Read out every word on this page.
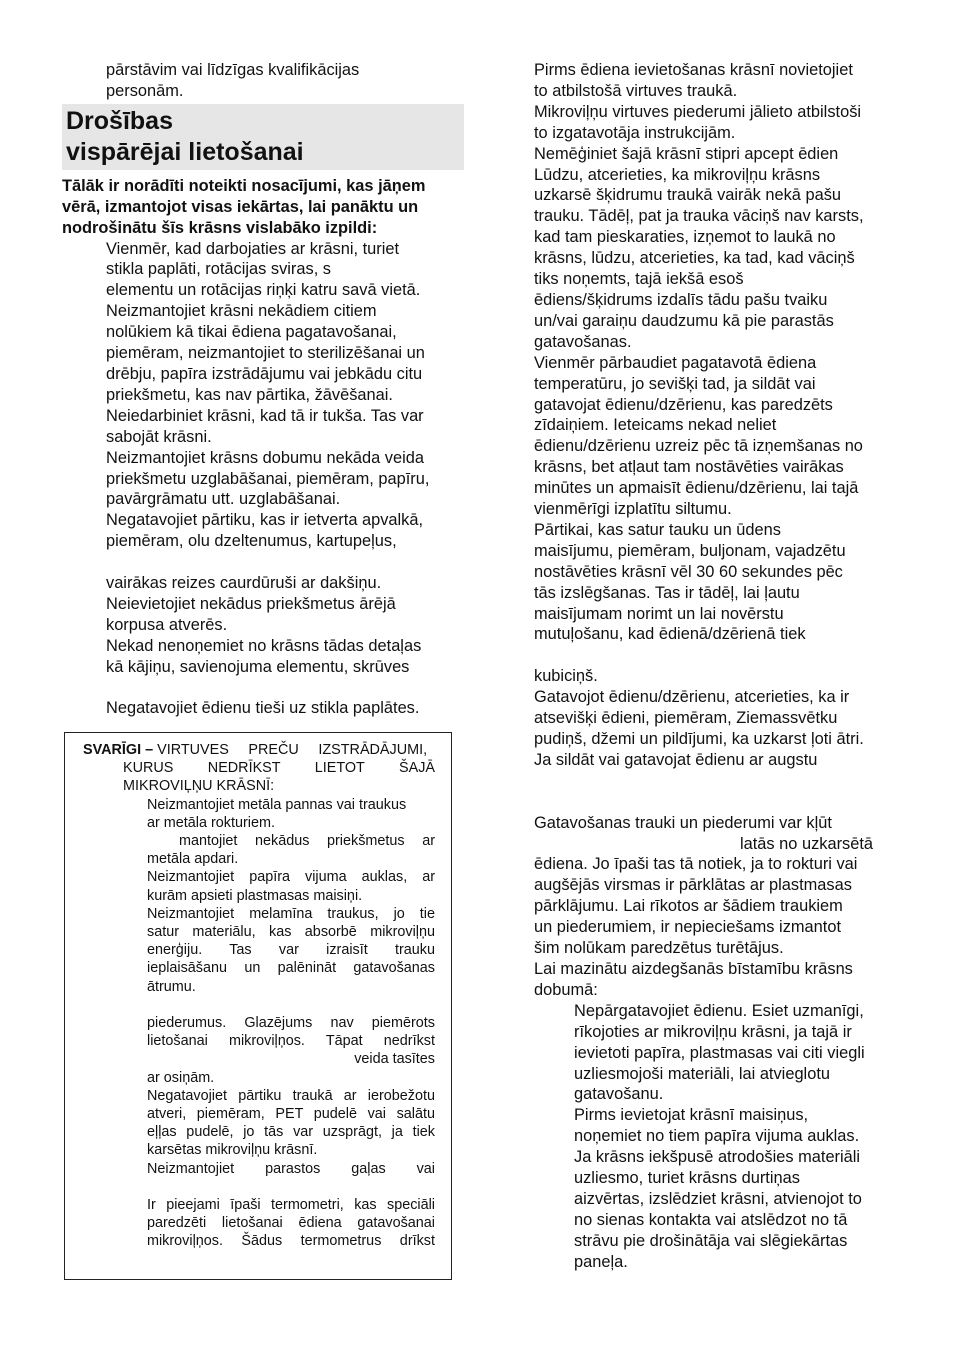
pārstāvim vai līdzīgas kvalifikācijas
personām.
Drošības
vispārējai lietošanai
Tālāk ir norādīti noteikti nosacījumi, kas jāņem
vērā, izmantojot visas iekārtas, lai panāktu un
nodrošinātu šīs krāsns vislabāko izpildi:
Vienmēr, kad darbojaties ar krāsni, turiet
stikla paplāti, rotācijas sviras, s
elementu un rotācijas riņķi katru savā vietā.
Neizmantojiet krāsni nekādiem citiem
nolūkiem kā tikai ēdiena pagatavošanai,
piemēram, neizmantojiet to sterilizēšanai un
drēbju, papīra izstrādājumu vai jebkādu citu
priekšmetu, kas nav pārtika, žāvēšanai.
Neiedarbiniet krāsni, kad tā ir tukša. Tas var
sabojāt krāsni.
Neizmantojiet krāsns dobumu nekāda veida
priekšmetu uzglabāšanai, piemēram, papīru,
pavārgrāmatu utt. uzglabāšanai.
Negatavojiet pārtiku, kas ir ietverta apvalkā,
piemēram, olu dzeltenumus, kartupeļus,

vairākas reizes caurdūruši ar dakšiņu.
Neievietojiet nekādus priekšmetus ārējā
korpusa atverēs.
Nekad nenoņemiet no krāsns tādas detaļas
kā kājiņu, savienojuma elementu, skrūves

Negatavojiet ēdienu tieši uz stikla paplātes.
SVARĪGI – VIRTUVES PREČU IZSTRĀDĀJUMI,
KURUS NEDRĪKST LIETOT ŠAJĀ
MIKROVIĻŅU KRĀSNĪ:
Neizmantojiet metāla pannas vai traukus
ar metāla rokturiem.
mantojiet nekādus priekšmetus ar
metāla apdari.
Neizmantojiet papīra vijuma auklas, ar
kurām apsieti plastmasas maisiņi.
Neizmantojiet melamīna traukus, jo tie
satur materiālu, kas absorbē mikroviļņu
enerģiju. Tas var izraisīt trauku
ieplaisāšanu un palēnināt gatavošanas
ātrumu.

piederumus. Glazējums nav piemērots
lietošanai mikroviļņos. Tāpat nedrīkst
veida tasītes
ar osiņām.
Negatavojiet pārtiku traukā ar ierobežotu
atveri, piemēram, PET pudelē vai salātu
eļļas pudelē, jo tās var uzsprāgt, ja tiek
karsētas mikroviļņu krāsnī.
Neizmantojiet parastos gaļas vai

Ir pieejami īpaši termometri, kas speciāli
paredzēti lietošanai ēdiena gatavošanai
mikroviļņos. Šādus termometrus drīkst
Pirms ēdiena ievietošanas krāsnī novietojiet
to atbilstošā virtuves traukā.
Mikroviļņu virtuves piederumi jālieto atbilstoši
to izgatavotāja instrukcijām.
Nemēģiniet šajā krāsnī stipri apcept ēdien
Lūdzu, atcerieties, ka mikroviļņu krāsns
uzkarsē šķidrumu traukā vairāk nekā pašu
trauku. Tādēļ, pat ja trauka vāciņš nav karsts,
kad tam pieskaraties, izņemot to laukā no
krāsns, lūdzu, atcerieties, ka tad, kad vāciņš
tiks noņemts, tajā iekšā esoš
ēdiens/šķidrums izdalīs tādu pašu tvaiku
un/vai garaiņu daudzumu kā pie parastās
gatavošanas.
Vienmēr pārbaudiet pagatavotā ēdiena
temperatūru, jo sevišķi tad, ja sildāt vai
gatavojat ēdienu/dzērienu, kas paredzēts
zīdaiņiem. Ieteicams nekad neliet
ēdienu/dzērienu uzreiz pēc tā izņemšanas no
krāsns, bet atļaut tam nostāvēties vairākas
minūtes un apmaisīt ēdienu/dzērienu, lai tajā
vienmērīgi izplatītu siltumu.
Pārtikai, kas satur tauku un ūdens
maisījumu, piemēram, buljonam, vajadzētu
nostāvēties krāsnī vēl 30 60 sekundes pēc
tās izslēgšanas. Tas ir tādēļ, lai ļautu
maisījumam norimt un lai novērstu
mutuļošanu, kad ēdienā/dzērienā tiek

kubiciņš.
Gatavojot ēdienu/dzērienu, atcerieties, ka ir
atsevišķi ēdieni, piemēram, Ziemassvētku
pudiņš, džemi un pildījumi, ka uzkarst ļoti ātri.
Ja sildāt vai gatavojat ēdienu ar augstu

Gatavošanas trauki un piederumi var kļūt
latās no uzkarsētā
ēdiena. Jo īpaši tas tā notiek, ja to rokturi vai
augšējās virsmas ir pārklātas ar plastmasas
pārklājumu. Lai rīkotos ar šādiem traukiem
un piederumiem, ir nepieciešams izmantot
šim nolūkam paredzētus turētājus.
Lai mazinātu aizdegšanās bīstamību krāsns
dobumā:
Nepārgatavojiet ēdienu. Esiet uzmanīgi,
rīkojoties ar mikroviļņu krāsni, ja tajā ir
ievietoti papīra, plastmasas vai citi viegli
uzliesmojoši materiāli, lai atvieglotu
gatavošanu.
Pirms ievietojat krāsnī maisiņus,
noņemiet no tiem papīra vijuma auklas.
Ja krāsns iekšpusē atrodošies materiāli
uzliesmo, turiet krāsns durtiņas
aizvērtas, izslēdziet krāsni, atvienojot to
no sienas kontakta vai atslēdzot no tā
strāvu pie drošinātāja vai slēgiekārtas
paneļa.
